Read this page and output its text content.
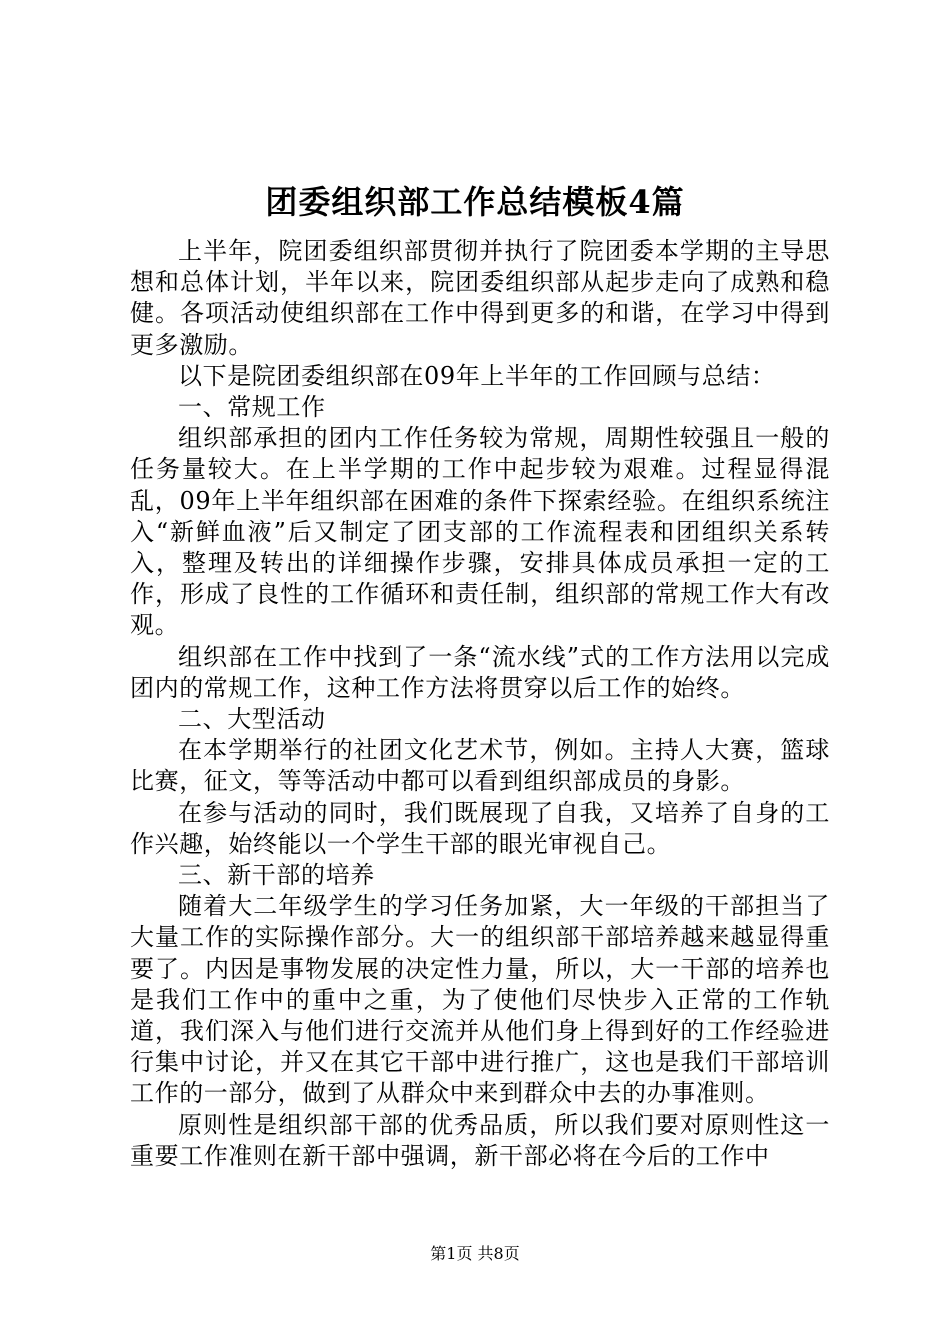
团委组织部工作总结模板4篇

上半年，院团委组织部贯彻并执行了院团委本学期的主导思想和总体计划，半年以来，院团委组织部从起步走向了成熟和稳健。各项活动使组织部在工作中得到更多的和谐，在学习中得到更多激励。

以下是院团委组织部在09年上半年的工作回顾与总结：

一、常规工作

组织部承担的团内工作任务较为常规，周期性较强且一般的任务量较大。在上半学期的工作中起步较为艰难。过程显得混乱，09年上半年组织部在困难的条件下探索经验。在组织系统注入“新鲜血液”后又制定了团支部的工作流程表和团组织关系转入，整理及转出的详细操作步骤，安排具体成员承担一定的工作，形成了良性的工作循环和责任制，组织部的常规工作大有改观。

组织部在工作中找到了一条“流水线”式的工作方法用以完成团内的常规工作，这种工作方法将贯穿以后工作的始终。

二、大型活动

在本学期举行的社团文化艺术节，例如。主持人大赛，篮球比赛，征文，等等活动中都可以看到组织部成员的身影。

在参与活动的同时，我们既展现了自我，又培养了自身的工作兴趣，始终能以一个学生干部的眼光审视自己。

三、新干部的培养

随着大二年级学生的学习任务加紧，大一年级的干部担当了大量工作的实际操作部分。大一的组织部干部培养越来越显得重要了。内因是事物发展的决定性力量，所以，大一干部的培养也是我们工作中的重中之重，为了使他们尽快步入正常的工作轨道，我们深入与他们进行交流并从他们身上得到好的工作经验进行集中讨论，并又在其它干部中进行推广，这也是我们干部培训工作的一部分，做到了从群众中来到群众中去的办事准则。

原则性是组织部干部的优秀品质，所以我们要对原则性这一重要工作准则在新干部中强调，新干部必将在今后的工作中

第1页 共8页
